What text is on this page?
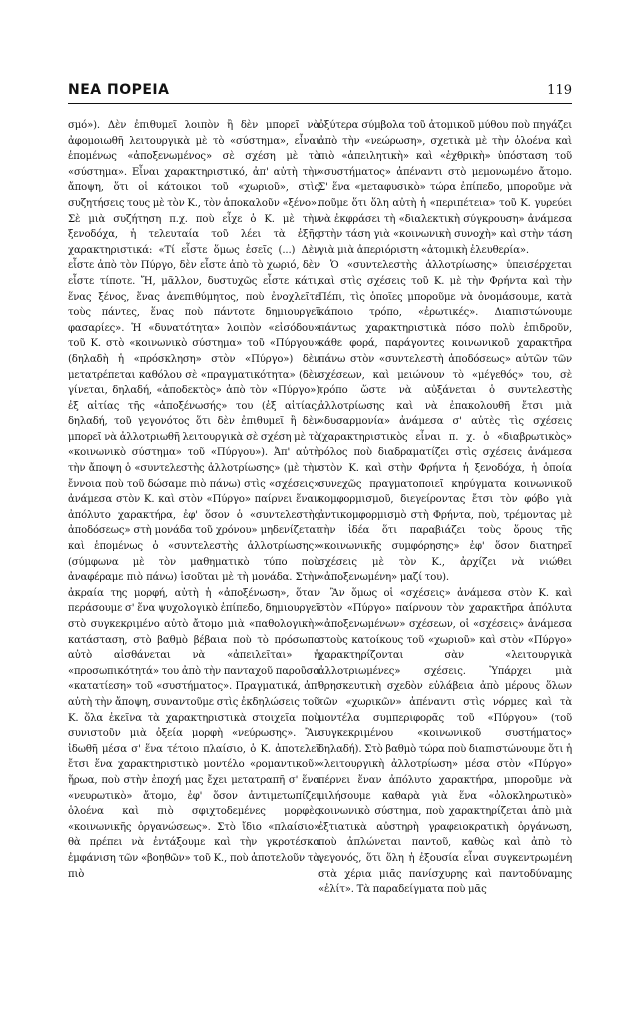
ΝΕΑ ΠΟΡΕΙΑ	119

σμό»). Δὲν ἐπιθυμεῖ λοιπὸν ἢ δὲν μπορεῖ νὰ ἀφομοιωθῆ λειτουργικὰ μὲ τὸ «σύστημα», εἶναι ἑπομένως «ἀποξενωμένος» σὲ σχέση μὲ τὸ «σύστημα». Εἶναι χαρακτηριστικό, ἀπ' αὐτὴ τὴν ἄποψη, ὅτι οἱ κάτοικοι τοῦ «χωριοῦ», στὶς συζητήσεις τους μὲ τὸν Κ., τὸν ἀποκαλοῦν «ξένο». Σὲ μιὰ συζήτηση π.χ. ποὺ εἶχε ὁ Κ. μὲ τὴν ξενοδόχα, ἡ τελευταία τοῦ λέει τὰ ἑξῆς χαρακτηριστικά: «Τί εἶστε ὅμως ἐσεῖς (...) Δὲν εἶστε ἀπὸ τὸν Πύργο, δὲν εἶστε ἀπὸ τὸ χωριό, δὲν εἶστε τίποτε. Ἤ, μᾶλλον, δυστυχῶς εἶστε κάτι, ἕνας ξένος, ἕνας ἀνεπιθύμητος, ποὺ ἐνοχλεῖτε τοὺς πάντες, ἕνας ποὺ πάντοτε δημιουργεῖ φασαρίες». Ἡ «δυνατότητα» λοιπὸν «εἰσόδου» τοῦ Κ. στὸ «κοινωνικὸ σύστημα» τοῦ «Πύργου» (δηλαδὴ ἡ «πρόσκληση» στὸν «Πύργο») δὲν μετατρέπεται καθόλου σὲ «πραγματικότητα» (δὲν γίνεται, δηλαδή, «ἀποδεκτὸς» ἀπὸ τὸν «Πύργο») ἐξ αἰτίας τῆς «ἀποξένωσής» του (ἐξ αἰτίας, δηλαδή, τοῦ γεγονότος ὅτι δὲν ἐπιθυμεῖ ἢ δὲν μπορεῖ νὰ ἀλλοτριωθῆ λειτουργικὰ σὲ σχέση μὲ τὸ «κοινωνικὸ σύστημα» τοῦ «Πύργου»). Ἀπ' αὐτὴ τὴν ἄποψη ὁ «συντελεστὴς ἀλλοτρίωσης» (μὲ τὴν ἔννοια ποὺ τοῦ δώσαμε πιὸ πάνω) στὶς «σχέσεις» ἀνάμεσα στὸν Κ. καὶ στὸν «Πύργο» παίρνει ἕναν ἀπόλυτο χαρακτήρα, ἐφ' ὅσον ὁ «συντελεστὴς ἀποδόσεως» στὴ μονάδα τοῦ χρόνου» μηδενίζεται καὶ ἑπομένως ὁ «συντελεστὴς ἀλλοτρίωσης» (σύμφωνα μὲ τὸν μαθηματικὸ τύπο ποὺ ἀναφέραμε πιὸ πάνω) ἰσοῦται μὲ τὴ μονάδα. Στὴν ἀκραία της μορφή, αὐτὴ ἡ «ἀποξένωση», ὅταν περάσουμε σ' ἕνα ψυχολογικὸ ἐπίπεδο, δημιουργεῖ στὸ συγκεκριμένο αὐτὸ ἄτομο μιὰ «παθολογικὴ» κατάσταση, στὸ βαθμὸ βέβαια ποὺ τὸ πρόσωπο αὐτὸ αἰσθάνεται νὰ «ἀπειλεῖται» ἡ «προσωπικότητά» του ἀπὸ τὴν πανταχοῦ παροῦσα «κατατίεση» τοῦ «συστήματος». Πραγματικά, ἀπ' αὐτὴ τὴν ἄποψη, συναντοῦμε στὶς ἐκδηλώσεις τοῦ Κ. ὅλα ἐκεῖνα τὰ χαρακτηριστικὰ στοιχεῖα ποὺ συνιστοῦν μιὰ ὀξεία μορφὴ «νεύρωσης». Ἂν ἰδωθῆ μέσα σ' ἕνα τέτοιο πλαίσιο, ὁ Κ. ἀποτελεῖ ἔτσι ἕνα χαρακτηριστικὸ μοντέλο «ρομαντικοῦ» ἥρωα, ποὺ στὴν ἐποχή μας ἔχει μετατραπῆ σ' ἕνα «νευρωτικὸ» ἄτομο, ἐφ' ὅσον ἀντιμετωπίζει ὁλοένα καὶ πιὸ σφιχτοδεμένες μορφὲς «κοινωνικῆς ὀργανώσεως». Στὸ ἴδιο «πλαίσιο» θὰ πρέπει νὰ ἐντάξουμε καὶ τὴν γκροτέσκα ἐμφάνιση τῶν «βοηθῶν» τοῦ Κ., ποὺ ἀποτελοῦν τὰ πιὸ

ὀξύτερα σύμβολα τοῦ ἀτομικοῦ μύθου ποὺ πηγάζει ἀπὸ τὴν «νεώρωση», σχετικὰ μὲ τὴν ὁλοένα καὶ πιὸ «ἀπειλητικὴ» καὶ «ἐχθρικὴ» ὑπόσταση τοῦ «συστήματος» ἀπέναντι στὸ μεμονωμένο ἄτομο. Σ' ἕνα «μεταφυσικὸ» τώρα ἐπίπεδο, μποροῦμε νὰ ποῦμε ὅτι ὅλη αὐτὴ ἡ «περιπέτεια» τοῦ Κ. γυρεύει νὰ ἐκφράσει τὴ «διαλεκτικὴ σύγκρουση» ἀνάμεσα στὴν τάση γιὰ «κοινωνικὴ συνοχὴ» καὶ στὴν τάση γιὰ μιὰ ἀπεριόριστη «ἀτομικὴ ἐλευθερία».

Ὁ «συντελεστὴς ἀλλοτρίωσης» ὑπεισέρχεται καὶ στὶς σχέσεις τοῦ Κ. μὲ τὴν Φρήντα καὶ τὴν Πέπι, τὶς ὁποῖες μποροῦμε νὰ ὀνομάσουμε, κατὰ κάποιο τρόπο, «ἐρωτικές». Διαπιστώνουμε πάντως χαρακτηριστικὰ πόσο πολὺ ἐπιδροῦν, κάθε φορά, παράγοντες κοινωνικοῦ χαρακτῆρα πάνω στὸν «συντελεστὴ ἀποδόσεως» αὐτῶν τῶν σχέσεων, καὶ μειώνουν τὸ «μέγεθός» του, σὲ τρόπο ὥστε νὰ αὐξάνεται ὁ συντελεστὴς ἀλλοτρίωσης καὶ νὰ ἐπακολουθῆ ἔτσι μιὰ «δυσαρμονία» ἀνάμεσα σ' αὐτὲς τὶς σχέσεις (χαρακτηριστικὸς εἶναι π. χ. ὁ «διαβρωτικὸς» ρόλος ποὺ διαδραματίζει στὶς σχέσεις ἀνάμεσα στὸν Κ. καὶ στὴν Φρήντα ἡ ξενοδόχα, ἡ ὁποία συνεχῶς πραγματοποιεῖ κηρύγματα κοινωνικοῦ κομφορμισμοῦ, διεγείροντας ἔτσι τὸν φόβο γιὰ ἀντικομφορμισμὸ στὴ Φρήντα, ποὺ, τρέμοντας μὲ τὴν ἰδέα ὅτι παραβιάζει τοὺς ὅρους τῆς «κοινωνικῆς συμφόρησης» ἐφ' ὅσον διατηρεῖ σχέσεις μὲ τὸν Κ., ἀρχίζει νὰ νιώθει «ἀποξενωμένη» μαζί του).

Ἂν ὅμως οἱ «σχέσεις» ἀνάμεσα στὸν Κ. καὶ στὸν «Πύργο» παίρνουν τὸν χαρακτῆρα ἀπόλυτα «ἀποξενωμένων» σχέσεων, οἱ «σχέσεις» ἀνάμεσα στοὺς κατοίκους τοῦ «χωριοῦ» καὶ στὸν «Πύργο» χαρακτηρίζονται σὰν «λειτουργικὰ ἀλλοτριωμένες» σχέσεις. Ὑπάρχει μιὰ θρησκευτικὴ σχεδὸν εὐλάβεια ἀπὸ μέρους ὅλων τῶν «χωρικῶν» ἀπέναντι στὶς νόρμες καὶ τὰ μοντέλα συμπεριφορᾶς τοῦ «Πύργου» (τοῦ συγκεκριμένου «κοινωνικοῦ συστήματος» δηλαδή). Στὸ βαθμὸ τώρα ποὺ διαπιστώνουμε ὅτι ἡ «λειτουργικὴ ἀλλοτρίωση» μέσα στὸν «Πύργο» πέρνει ἕναν ἀπόλυτο χαρακτήρα, μποροῦμε νὰ μιλήσουμε καθαρὰ γιὰ ἕνα «ὁλοκληρωτικὸ» κοινωνικὸ σύστημα, ποὺ χαρακτηρίζεται ἀπὸ μιὰ ἐξτιατικὰ αὐστηρὴ γραφειοκρατικὴ ὀργάνωση, ποὺ ἀπλώνεται παντοῦ, καθὼς καὶ ἀπὸ τὸ γεγονός, ὅτι ὅλη ἡ ἐξουσία εἶναι συγκεντρωμένη στὰ χέρια μιᾶς πανίσχυρης καὶ παντοδύναμης «ἐλίτ». Τὰ παραδείγματα ποὺ μᾶς
